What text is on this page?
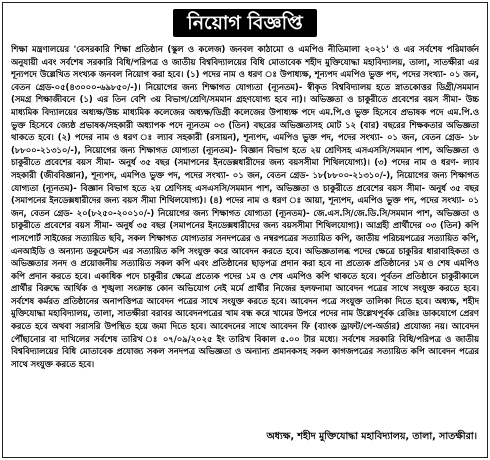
নিয়োগ বিজ্ঞপ্তি
শিক্ষা মন্ত্রণালয়ের 'বেসরকারি শিক্ষা প্রতিষ্ঠান (স্কুল ও কলেজ) জনবল কাঠামো ও এমপিও নীতিমালা ২০২১' ও এর সর্বশেষ পরিমার্জন অনুযায়ী এবং সর্বশেষ সরকারি বিধি/পরিপত্র ও জাতীয় বিশ্ববিদ্যালয়ের বিধি মোতাবেক শহীদ মুক্তিযোদ্ধা মহাবিদ্যালয়, তালা, সাতক্ষীরা এর শূন্যপদে উল্লেখিত সংখ্যক জনবল নিয়োগ করা হবে। (১) পদের নাম ও ধরণ ঃ উপাধ্যক্ষ, শূন্যপদ এমপিও ভুক্ত পদ, পদের সংখ্যা- ০১ জন, বেতন গ্রেড-০৫(৪৩০০০-৬৯৮৫০/-)। নিয়োগের জন্য শিক্ষাগত যোগ্যতা (ন্যূনতম)- স্বীকৃত বিশ্ববিদ্যালয় হতে স্নাতকোত্তর ডিগ্রী/সমমান (সমগ্র শিক্ষাজীবনে (১) এর তিন বেশি ৩য় বিভাগ/শ্রেণি/সমমান গ্রহণযোগ্য হবে না)। অভিজ্ঞতা ও চাকুরীতে প্রবেশের বয়স সীমা- উচ্চ মাধ্যমিক বিদ্যালয়ের অধ্যক্ষ/উচ্চ মাধ্যমিক কলেজের অধ্যক্ষ/ডিগ্রী কলেজের উপাধ্যক্ষ পদে এম.পি.ও ভুক্ত হিসেবে প্রভাষক পদে এম.পি.ও ভুক্ত হিসেবে জ্যেষ্ঠ প্রভাষক/সহকারী অধ্যাপক পদে ন্যূনতম ০৩ (তিন) বছরের অভিজ্ঞতাসহ মোট ১২ (বার) বছরের শিক্ষকতার অভিজ্ঞতা থাকতে হবে। (২) পদের নাম ও ধরণ ঃ ল্যাব সহকারী (রসায়ন), শূন্যপদ, এমপিও ভুক্ত পদ, পদের সংখ্যা- ০১ জন, বেতন গ্রেড- ১৮ (৮৮০০-২১৩১০/-), নিয়োগের জন্য শিক্ষাগত যোগ্যতা (ন্যূনতম)- বিজ্ঞান বিভাগ হতে ২য় শ্রেণিসহ এসএসসি/সমমান পাশ, অভিজ্ঞতা ও চাকুরীতে প্রবেশের বয়স সীমা- অনুর্ধ ৩৫ বছর (সমাপনের ইনডেক্সধারীদের জন্য বয়সসীমা শিথিলযোগ্য)। (৩) পদের নাম ও ধরণ- ল্যাব সহকারী (জীববিজ্ঞান), শূন্যপদ, এমপিও ভুক্ত পদ, পদের সংখ্যা- ০১ জন, বেতন গ্রেড- ১৮(৮৮০০-২১৩১০/-), নিয়োগের জন্য শিক্ষাগত যোগ্যতা (ন্যূনতম)- বিজ্ঞান বিভাগ হতে ২য় শ্রেণিসহ এসএসসি/সমমান পাশ, অভিজ্ঞতা ও চাকুরীতে প্রবেশের বয়স সীমা- অনুর্ধ ৩৫ বছর (সমাপনের ইনডেক্সধারীদের জন্য বয়স সীমা শিথিলযোগ্য)। (৪) পদের নাম ও ধরণ ঃ আয়া, শূন্যপদ, এমপিও ভুক্ত পদ, পদের সংখ্যা- ০১ জন, বেতন গ্রেড- ২০(৮২৫০-২০০১০/-) নিয়োগের জন্য শিক্ষাগত যোগ্যতা (ন্যূনতম)- জে.এস.সি/জে.ডি.সি/সমমান পাশ, অভিজ্ঞতা ও চাকুরীতে প্রবেশের বয়স সীমা- অনুর্ধ ৩৫ বছর (সমাপনের ইনডেক্সধারীদের জন্য বয়সসীমা শিথিলযোগ্য)। আগ্রহী প্রার্থীদের ০৩ (তিন) কপি পাসপোর্ট সাইজের সত্যায়িত ছবি, সকল শিক্ষাগত যোগ্যতার সনদপত্রের ও নম্বরপত্রের সত্যায়িত কপি, জাতীয় পরিচয়পত্রের সত্যায়িত কপি, এনআইডি ও অন্যান্য ডকুমেন্টস এর সত্যায়িত কপি সংযুক্ত করে আবেদন করতে হবে। অভিজ্ঞতালব্ধ পদের ক্ষেত্রে চাকুরির ধারাবাহিকতা ও অভিজ্ঞতার সনদ ও প্রয়োজনীয় সত্যায়িত সকল কপি এবং প্রতিষ্ঠানের ছাড়পত্র প্রদান করা হবে না প্রত্যেক প্রতিষ্ঠানের ১ম ও শেষ এমপিও কপি প্রদান করতে হবে। একাধিক পদে চাকুরীর ক্ষেত্রে প্রত্যেক পদের ১ম ও শেষ এমপিও কপি থাকতে হবে। পূর্বতন প্রতিষ্ঠানে চাকুরীকালে প্রার্থীর বিরুদ্ধে আর্থিক ও শৃঙ্খলা সংক্রান্ত কোন অভিযোগ নেই মর্মে প্রার্থীর নিজের হলফনামা আবেদন পত্রের সাথে সংযুক্ত করতে হবে। সর্বশেষ কর্মরত প্রতিষ্ঠানের অনাপত্তিপত্র আবেদন পত্রের সাথে সংযুক্ত করতে হবে। আবেদন পত্রে সংযুক্ত তালিকা দিতে হবে। অধ্যক্ষ, শহীদ মুক্তিযোদ্ধা মহাবিদ্যালয়, তালা, সাতক্ষীরা বরাবর আবেদনপত্রের খাম বন্ধ করে খামের উপরে পদের নাম উল্লেখপূর্বক রেজিঃ ডাকযোগে প্রেরণ করতে হবে অথবা সরাসরি উপস্থিত হয়ে জমা দিতে হবে। আবেদনের সাথে আবেদন ফি (ব্যাংক ড্রাফট/পে-অর্ডার) প্রযোজ্য নয়। আবেদন পৌঁছানোর বা দাখিলের সর্বশেষ তারিখ ঃ ০৭/০৯/২০২৫ ইং তারিখ বিকাল ৫.০০ টার মধ্যে। সর্বশেষ সরকারি বিধি/পরিপত্র ও জাতীয় বিশ্ববিদ্যালয়ের বিধি মোতাবেক প্রযোজ্য সকল সনদপত্র অভিজ্ঞতা ও অন্যান্য প্রমানকসহ সকল কাগজপত্রের সত্যায়িত কপি আবেদন পত্রের সাথে সংযুক্ত করতে হবে।
অধ্যক্ষ, শহীদ মুক্তিযোদ্ধা মহাবিদ্যালয়, তালা, সাতক্ষীরা।
